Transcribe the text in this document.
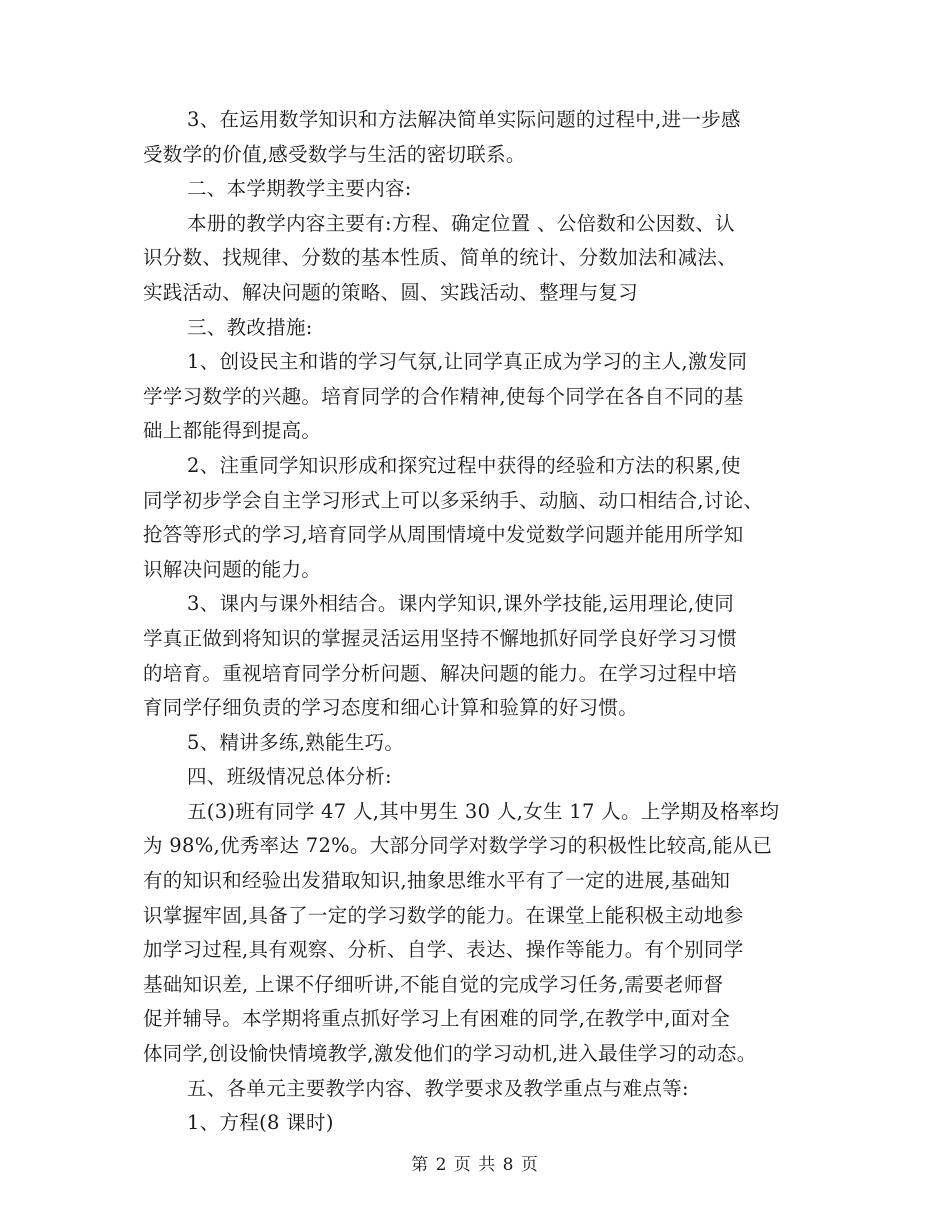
3、在运用数学知识和方法解决简单实际问题的过程中,进一步感
受数学的价值,感受数学与生活的密切联系。
二、本学期教学主要内容:
本册的教学内容主要有:方程、确定位置 、公倍数和公因数、认
识分数、找规律、分数的基本性质、简单的统计、分数加法和减法、
实践活动、解决问题的策略、圆、实践活动、整理与复习
三、教改措施:
1、创设民主和谐的学习气氛,让同学真正成为学习的主人,激发同
学学习数学的兴趣。培育同学的合作精神,使每个同学在各自不同的基
础上都能得到提高。
2、注重同学知识形成和探究过程中获得的经验和方法的积累,使
同学初步学会自主学习形式上可以多采纳手、动脑、动口相结合,讨论、
抢答等形式的学习,培育同学从周围情境中发觉数学问题并能用所学知
识解决问题的能力。
3、课内与课外相结合。课内学知识,课外学技能,运用理论,使同
学真正做到将知识的掌握灵活运用坚持不懈地抓好同学良好学习习惯
的培育。重视培育同学分析问题、解决问题的能力。在学习过程中培
育同学仔细负责的学习态度和细心计算和验算的好习惯。
5、精讲多练,熟能生巧。
四、班级情况总体分析:
五(3)班有同学 47 人,其中男生 30 人,女生 17 人。上学期及格率均
为 98%,优秀率达 72%。大部分同学对数学学习的积极性比较高,能从已
有的知识和经验出发猎取知识,抽象思维水平有了一定的进展,基础知
识掌握牢固,具备了一定的学习数学的能力。在课堂上能积极主动地参
加学习过程,具有观察、分析、自学、表达、操作等能力。有个别同学
基础知识差, 上课不仔细听讲,不能自觉的完成学习任务,需要老师督
促并辅导。本学期将重点抓好学习上有困难的同学,在教学中,面对全
体同学,创设愉快情境教学,激发他们的学习动机,进入最佳学习的动态。
五、各单元主要教学内容、教学要求及教学重点与难点等:
1、方程(8 课时)
第 2 页 共 8 页
